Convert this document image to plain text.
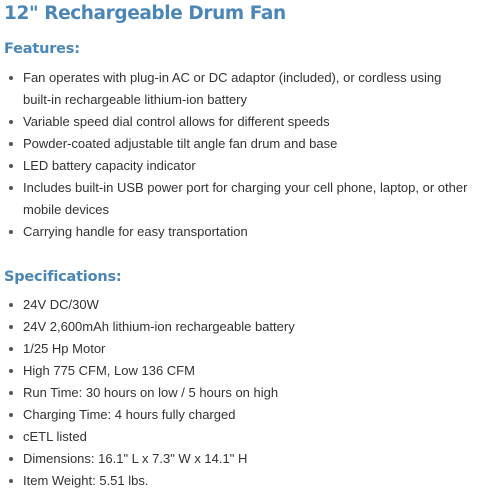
12" Rechargeable Drum Fan
Features:
Fan operates with plug-in AC or DC adaptor (included), or cordless using built-in rechargeable lithium-ion battery
Variable speed dial control allows for different speeds
Powder-coated adjustable tilt angle fan drum and base
LED battery capacity indicator
Includes built-in USB power port for charging your cell phone, laptop, or other mobile devices
Carrying handle for easy transportation
Specifications:
24V DC/30W
24V 2,600mAh lithium-ion rechargeable battery
1/25 Hp Motor
High 775 CFM, Low 136 CFM
Run Time: 30 hours on low / 5 hours on high
Charging Time: 4 hours fully charged
cETL listed
Dimensions: 16.1" L x 7.3" W x 14.1" H
Item Weight: 5.51 lbs.
